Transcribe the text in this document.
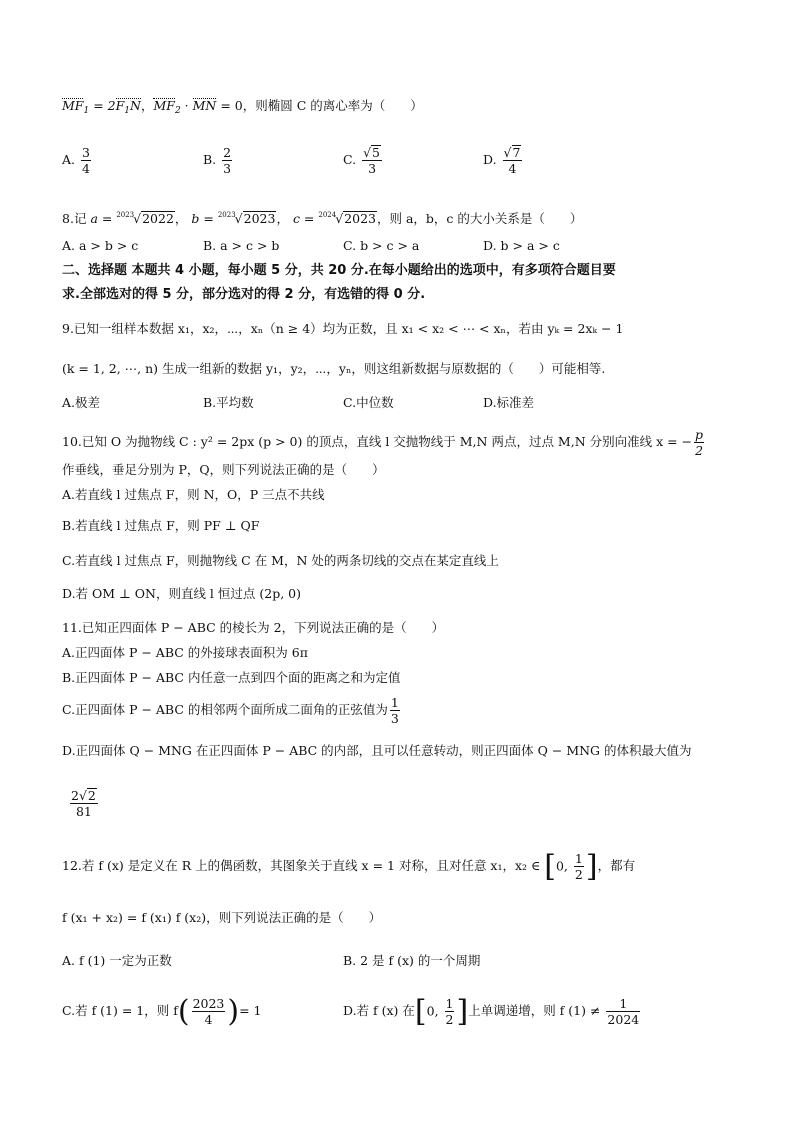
$MF_1 = 2F_1N$，$MF_2$ · MN = 0，则椭圆 C 的离心率为（　　）
A. $\frac{3}{4}$	B. $\frac{2}{3}$	C. $\frac{√5}{3}$	D. $\frac{√7}{4}$
8.记 a = $^{2023}$√2022， b = $^{2023}$√2023， c = $^{2024}$√2023，则 a，b，c 的大小关系是（　　）
A. a > b > c	B. a > c > b	C. b > c > a	D. b > a > c
二、选择题 本题共 4 小题，每小题 5 分，共 20 分.在每小题给出的选项中，有多项符合题目要
求.全部选对的得 5 分，部分选对的得 2 分，有选错的得 0 分.
9.已知一组样本数据 x₁，x₂，⋯，xₙ（n ≥ 4）均为正数，且 x₁ < x₂ < ⋯ < xₙ，若由 yₖ = 2xₖ − 1
(k = 1, 2, ⋯, n) 生成一组新的数据 y₁，y₂，⋯，yₙ，则这组新数据与原数据的（　　）可能相等.
A.极差	B.平均数	C.中位数	D.标准差
10.已知 O 为抛物线 C : y² = 2px (p > 0) 的顶点，直线 l 交抛物线于 M,N 两点，过点 M,N 分别向准线 x = − $\frac{p}{2}$
作垂线，垂足分别为 P，Q，则下列说法正确的是（　　）
A.若直线 l 过焦点 F，则 N，O，P 三点不共线
B.若直线 l 过焦点 F，则 PF ⊥ QF
C.若直线 l 过焦点 F，则抛物线 C 在 M，N 处的两条切线的交点在某定直线上
D.若 OM ⊥ ON，则直线 l 恒过点 (2p, 0)
11.已知正四面体 P − ABC 的棱长为 2，下列说法正确的是（　　）
A.正四面体 P − ABC 的外接球表面积为 6π
B.正四面体 P − ABC 内任意一点到四个面的距离之和为定值
C.正四面体 P − ABC 的相邻两个面所成二面角的正弦值为 $\frac{1}{3}$
D.正四面体 Q − MNG 在正四面体 P − ABC 的内部，且可以任意转动，则正四面体 Q − MNG 的体积最大值为
$\frac{2√2}{81}$
12.若 f (x) 是定义在 R 上的偶函数，其图象关于直线 x = 1 对称，且对任意 x₁，x₂ ∈ [0, $\frac{1}{2}$ ]，都有
f (x₁ + x₂) = f (x₁) f (x₂)，则下列说法正确的是（　　）
A. f (1) 一定为正数	B. 2 是 f (x) 的一个周期
C.若 f (1) = 1，则 $f( \frac{2023}{4}$ )= 1	D.若 f (x) 在[0, $\frac{1}{2}$ ]上单调递增，则 f $(1) \ne \frac{1}{2024}$
